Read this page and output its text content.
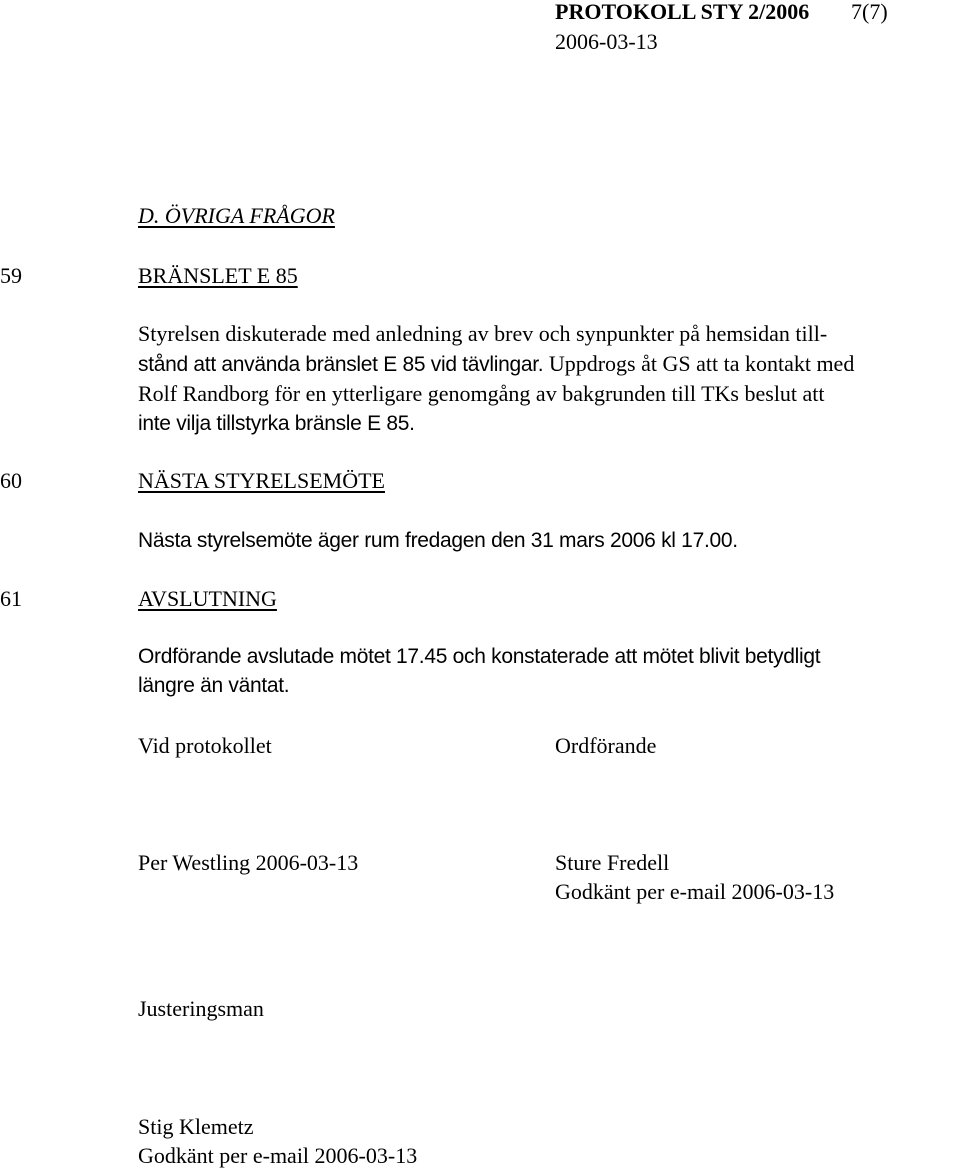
PROTOKOLL STY 2/2006 7(7)
2006-03-13
D. ÖVRIGA FRÅGOR
59	BRÄNSLET E 85
Styrelsen diskuterade med anledning av brev och synpunkter på hemsidan till-
stånd att använda bränslet E 85 vid tävlingar. Uppdrogs åt GS att ta kontakt med
Rolf Randborg för en ytterligare genomgång av bakgrunden till TKs beslut att
inte vilja tillstyrka bränsle E 85.
60	NÄSTA STYRELSEMÖTE
Nästa styrelsemöte äger rum fredagen den 31 mars 2006 kl 17.00.
61	AVSLUTNING
Ordförande avslutade mötet 17.45 och konstaterade att mötet blivit betydligt
längre än väntat.
Vid protokollet	Ordförande
Per Westling 2006-03-13	Sture Fredell
Godkänt per e-mail 2006-03-13
Justeringsman
Stig Klemetz
Godkänt per e-mail 2006-03-13
